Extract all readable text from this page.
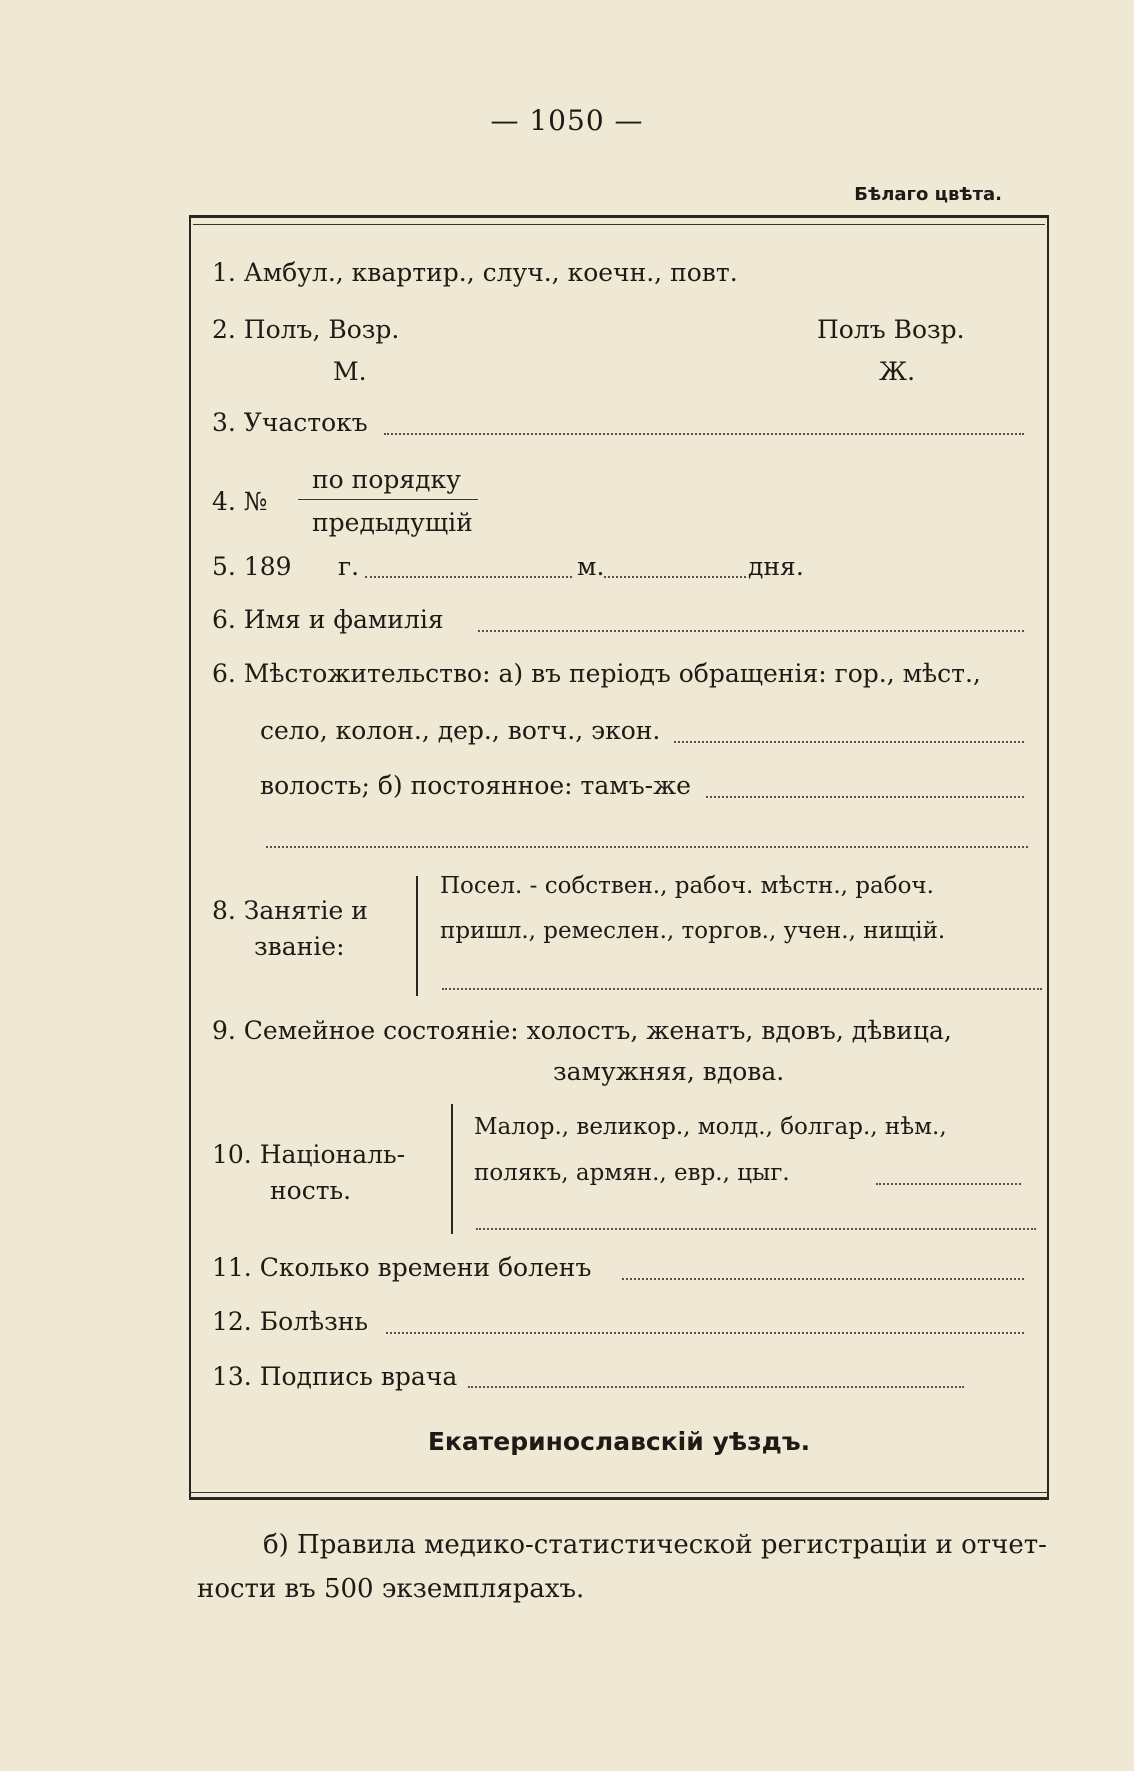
— 1050 —
Бѣлаго цвѣта.
1. Амбул., квартир., случ., коечн., повт.
2. Полъ, Возр.	Полъ Возр.
М.	Ж.
3. Участокъ
4. №
по порядку
предыдущій
5. 189 г.	м.	дня.
6. Имя и фамилія
6. Мѣстожительство: а) въ періодъ обращенія: гор., мѣст.,
село, колон., дер., вотч., экон.
волость; б) постоянное: тамъ-же
8. Занятіе и
званіе:
Посел. - собствен., рабоч. мѣстн., рабоч.
пришл., ремеслен., торгов., учен., нищій.
9. Семейное состояніе: холостъ, женатъ, вдовъ, дѣвица,
замужняя, вдова.
10. Національ-
ность.
Малор., великор., молд., болгар., нѣм.,
полякъ, армян., евр., цыг.
11. Сколько времени боленъ
12. Болѣзнь
13. Подпись врача
Екатеринославскій уѣздъ.
б) Правила медико-статистической регистраціи и отчет-
ности въ 500 экземплярахъ.
